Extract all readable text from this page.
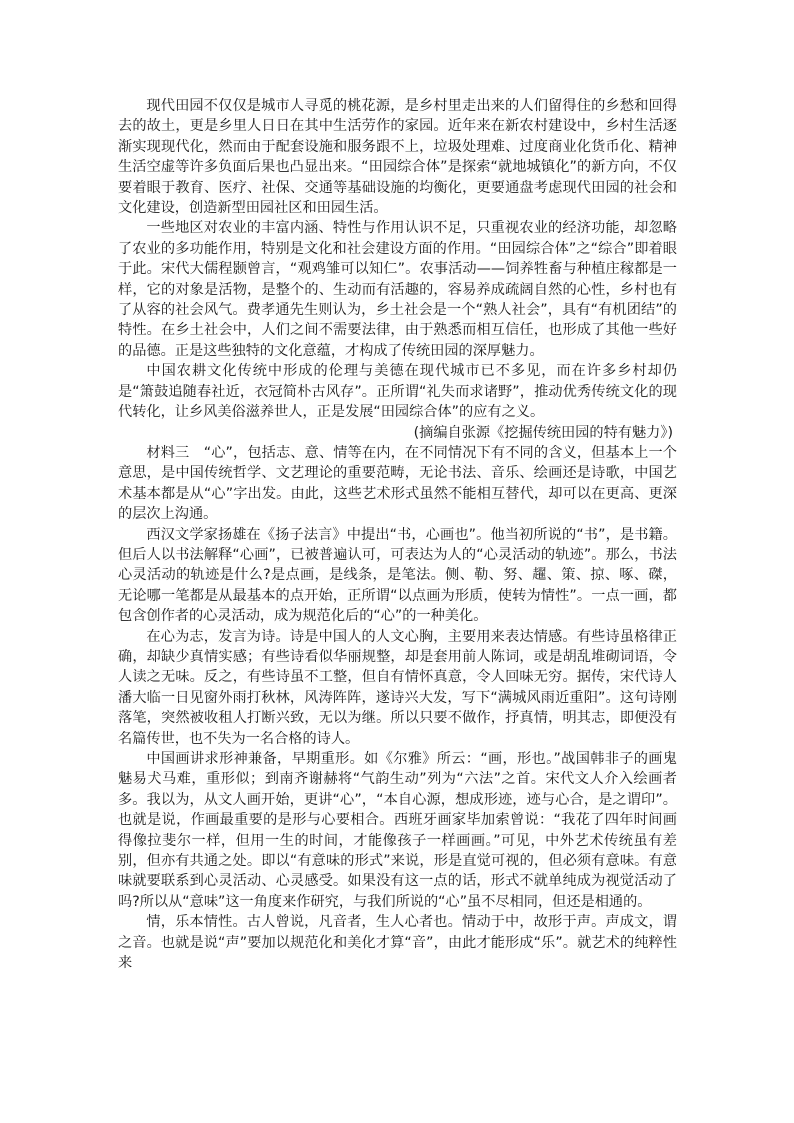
现代田园不仅仅是城市人寻觅的桃花源，是乡村里走出来的人们留得住的乡愁和回得去的故土，更是乡里人日日在其中生活劳作的家园。近年来在新农村建设中，乡村生活逐渐实现现代化，然而由于配套设施和服务跟不上，垃圾处理难、过度商业化货币化、精神生活空虚等许多负面后果也凸显出来。“田园综合体”是探索“就地城镇化”的新方向，不仅要着眼于教育、医疗、社保、交通等基础设施的均衡化，更要通盘考虑现代田园的社会和文化建设，创造新型田园社区和田园生活。

一些地区对农业的丰富内涵、特性与作用认识不足，只重视农业的经济功能，却忽略了农业的多功能作用，特别是文化和社会建设方面的作用。“田园综合体”之“综合”即着眼于此。宋代大儒程颢曾言，“观鸡雏可以知仁”。农事活动——饲养牲畜与种植庄稼都是一样，它的对象是活物，是整个的、生动而有活趣的，容易养成疏阔自然的心性，乡村也有了从容的社会风气。费孝通先生则认为，乡土社会是一个“熟人社会”，具有“有机团结”的特性。在乡土社会中，人们之间不需要法律，由于熟悉而相互信任，也形成了其他一些好的品德。正是这些独特的文化意蕴，才构成了传统田园的深厚魅力。

中国农耕文化传统中形成的伦理与美德在现代城市已不多见，而在许多乡村却仍是“箫鼓追随春社近，衣冠简朴古风存”。正所谓“礼失而求诸野”，推动优秀传统文化的现代转化，让乡风美俗滋养世人，正是发展“田园综合体”的应有之义。

(摘编自张源《挖掘传统田园的特有魅力》)

材料三　“心”，包括志、意、情等在内，在不同情况下有不同的含义，但基本上一个意思，是中国传统哲学、文艺理论的重要范畴，无论书法、音乐、绘画还是诗歌，中国艺术基本都是从“心”字出发。由此，这些艺术形式虽然不能相互替代，却可以在更高、更深的层次上沟通。

西汉文学家扬雄在《扬子法言》中提出“书，心画也”。他当初所说的“书”，是书籍。但后人以书法解释“心画”，已被普遍认可，可表达为人的“心灵活动的轨迹”。那么，书法心灵活动的轨迹是什么?是点画，是线条，是笔法。侧、勒、努、趯、策、掠、啄、磔，无论哪一笔都是从最基本的点开始，正所谓“以点画为形质，使转为情性”。一点一画，都包含创作者的心灵活动，成为规范化后的“心”的一种美化。

在心为志，发言为诗。诗是中国人的人文心胸，主要用来表达情感。有些诗虽格律正确，却缺少真情实感；有些诗看似华丽规整，却是套用前人陈词，或是胡乱堆砌词语，令人读之无味。反之，有些诗虽不工整，但自有情怀真意，令人回味无穷。据传，宋代诗人潘大临一日见窗外雨打秋林，风涛阵阵，遂诗兴大发，写下“满城风雨近重阳”。这句诗刚落笔，突然被收租人打断兴致，无以为继。所以只要不做作，抒真情，明其志，即便没有名篇传世，也不失为一名合格的诗人。

中国画讲求形神兼备，早期重形。如《尔雅》所云：“画，形也。”战国韩非子的画鬼魅易犬马难，重形似；到南齐谢赫将“气韵生动”列为“六法”之首。宋代文人介入绘画者多。我以为，从文人画开始，更讲“心”，“本自心源，想成形迹，迹与心合，是之谓印”。也就是说，作画最重要的是形与心要相合。西班牙画家毕加索曾说：“我花了四年时间画得像拉斐尔一样，但用一生的时间，才能像孩子一样画画。”可见，中外艺术传统虽有差别，但亦有共通之处。即以“有意味的形式”来说，形是直觉可视的，但必须有意味。有意味就要联系到心灵活动、心灵感受。如果没有这一点的话，形式不就单纯成为视觉活动了吗?所以从“意味”这一角度来作研究，与我们所说的“心”虽不尽相同，但还是相通的。

情，乐本情性。古人曾说，凡音者，生人心者也。情动于中，故形于声。声成文，谓之音。也就是说“声”要加以规范化和美化才算“音”，由此才能形成“乐”。就艺术的纯粹性来
